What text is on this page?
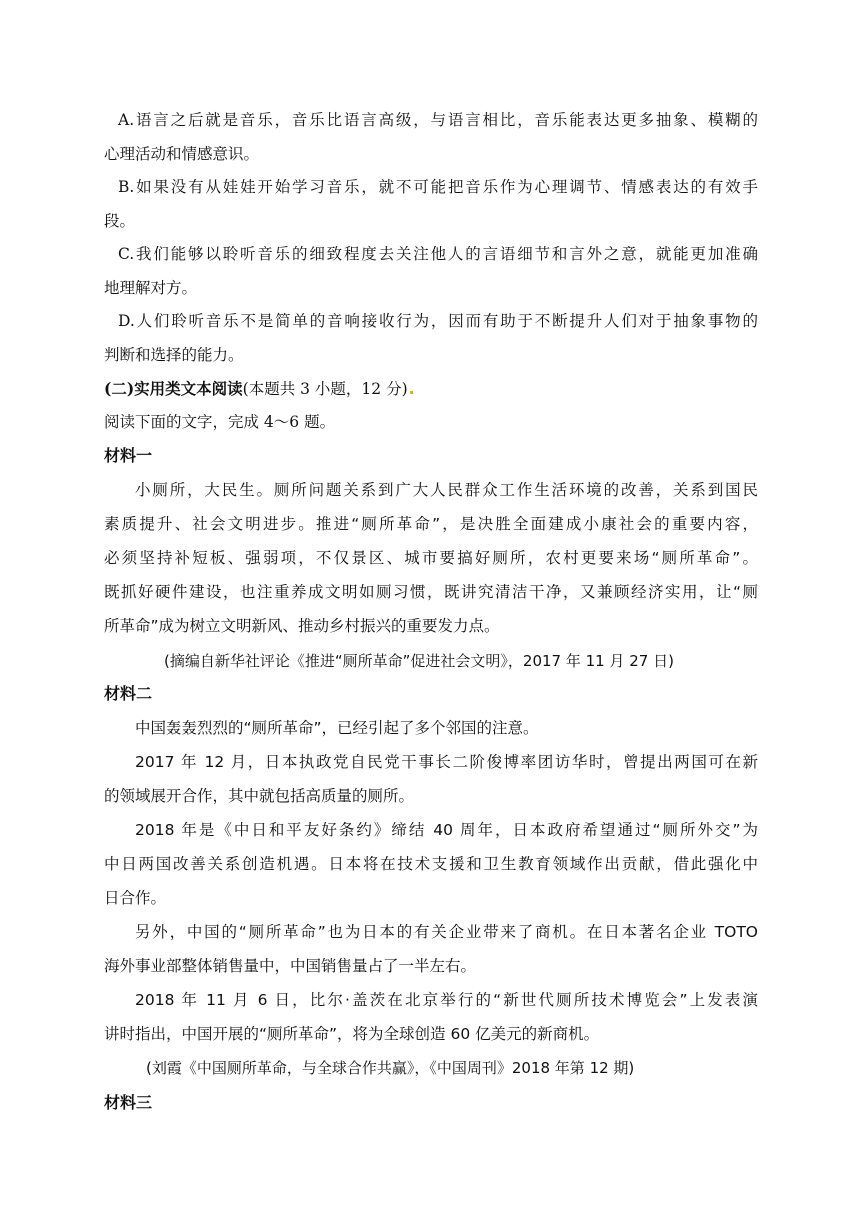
A.语言之后就是音乐，音乐比语言高级，与语言相比，音乐能表达更多抽象、模糊的
心理活动和情感意识。
B.如果没有从娃娃开始学习音乐，就不可能把音乐作为心理调节、情感表达的有效手
段。
C.我们能够以聆听音乐的细致程度去关注他人的言语细节和言外之意，就能更加准确
地理解对方。
D.人们聆听音乐不是简单的音响接收行为，因而有助于不断提升人们对于抽象事物的
判断和选择的能力。
(二)实用类文本阅读(本题共 3 小题，12 分)
阅读下面的文字，完成 4～6 题。
材料一
小厕所，大民生。厕所问题关系到广大人民群众工作生活环境的改善，关系到国民
素质提升、社会文明进步。推进“厕所革命”，是决胜全面建成小康社会的重要内容，
必须坚持补短板、强弱项，不仅景区、城市要搞好厕所，农村更要来场“厕所革命”。
既抓好硬件建设，也注重养成文明如厕习惯，既讲究清洁干净，又兼顾经济实用，让“厕
所革命”成为树立文明新风、推动乡村振兴的重要发力点。
(摘编自新华社评论《推进“厕所革命”促进社会文明》，2017 年 11 月 27 日)
材料二
中国轰轰烈烈的“厕所革命”，已经引起了多个邻国的注意。
2017 年 12 月，日本执政党自民党干事长二阶俊博率团访华时，曾提出两国可在新
的领域展开合作，其中就包括高质量的厕所。
2018 年是《中日和平友好条约》缔结 40 周年，日本政府希望通过“厕所外交”为
中日两国改善关系创造机遇。日本将在技术支援和卫生教育领域作出贡献，借此强化中
日合作。
另外，中国的“厕所革命”也为日本的有关企业带来了商机。在日本著名企业 TOTO
海外事业部整体销售量中，中国销售量占了一半左右。
2018 年 11 月 6 日，比尔·盖茨在北京举行的“新世代厕所技术博览会”上发表演
讲时指出，中国开展的“厕所革命”，将为全球创造 60 亿美元的新商机。
(刘霞《中国厕所革命，与全球合作共赢》，《中国周刊》2018 年第 12 期)
材料三
